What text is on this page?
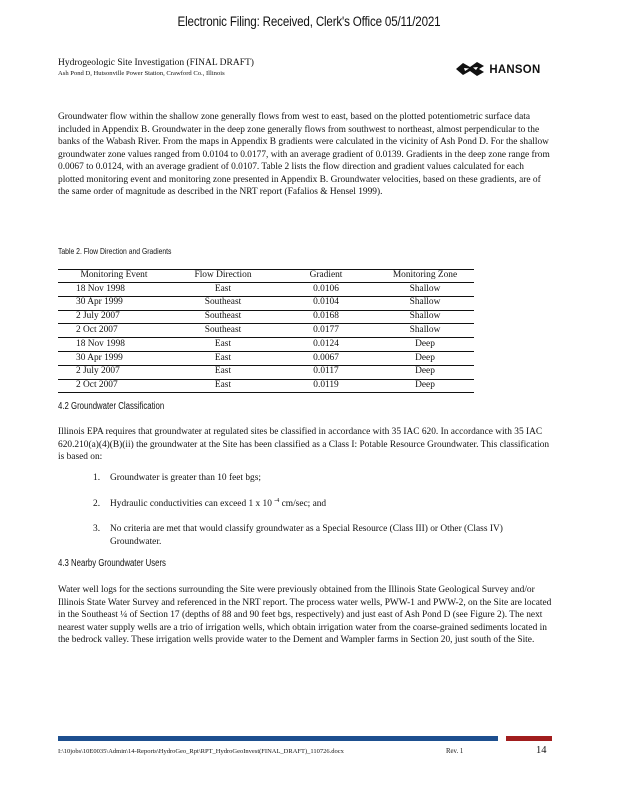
Electronic Filing: Received, Clerk's Office 05/11/2021
Hydrogeologic Site Investigation (FINAL DRAFT)
Ash Pond D, Hutsonville Power Station, Crawford Co., Illinois	HANSON
Groundwater flow within the shallow zone generally flows from west to east, based on the plotted potentiometric surface data included in Appendix B. Groundwater in the deep zone generally flows from southwest to northeast, almost perpendicular to the banks of the Wabash River. From the maps in Appendix B gradients were calculated in the vicinity of Ash Pond D. For the shallow groundwater zone values ranged from 0.0104 to 0.0177, with an average gradient of 0.0139. Gradients in the deep zone range from 0.0067 to 0.0124, with an average gradient of 0.0107. Table 2 lists the flow direction and gradient values calculated for each plotted monitoring event and monitoring zone presented in Appendix B. Groundwater velocities, based on these gradients, are of the same order of magnitude as described in the NRT report (Fafalios & Hensel 1999).
Table 2. Flow Direction and Gradients
Monitoring Event	Flow Direction	Gradient	Monitoring Zone
18 Nov 1998	East	0.0106	Shallow
30 Apr 1999	Southeast	0.0104	Shallow
2 July 2007	Southeast	0.0168	Shallow
2 Oct 2007	Southeast	0.0177	Shallow
18 Nov 1998	East	0.0124	Deep
30 Apr 1999	East	0.0067	Deep
2 July 2007	East	0.0117	Deep
2 Oct 2007	East	0.0119	Deep
4.2 Groundwater Classification
Illinois EPA requires that groundwater at regulated sites be classified in accordance with 35 IAC 620. In accordance with 35 IAC 620.210(a)(4)(B)(ii) the groundwater at the Site has been classified as a Class I: Potable Resource Groundwater. This classification is based on:
1. Groundwater is greater than 10 feet bgs;
2. Hydraulic conductivities can exceed 1 x 10 $^{-4}$ cm/sec; and
3. No criteria are met that would classify groundwater as a Special Resource (Class III) or Other (Class IV) Groundwater.
4.3 Nearby Groundwater Users
Water well logs for the sections surrounding the Site were previously obtained from the Illinois State Geological Survey and/or Illinois State Water Survey and referenced in the NRT report. The process water wells, PWW-1 and PWW-2, on the Site are located in the Southeast ¼ of Section 17 (depths of 88 and 90 feet bgs, respectively) and just east of Ash Pond D (see Figure 2). The next nearest water supply wells are a trio of irrigation wells, which obtain irrigation water from the coarse-grained sediments located in the bedrock valley. These irrigation wells provide water to the Dement and Wampler farms in Section 20, just south of the Site.
I:\10jobs\10E0035\Admin\14-Reports\HydroGeo_Rpt\RPT_HydroGeoInvest(FINAL_DRAFT)_110726.docx	Rev. 1	14
